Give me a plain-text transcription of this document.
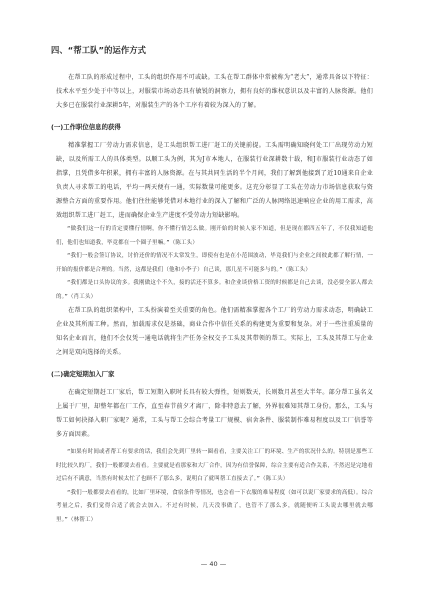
四、“帮工队”的运作方式

在帮工队的形成过程中，工头的组织作用不可或缺。工头在帮工群体中常被称为“老大”，通常具备以下特征：技术水平至少处于中等以上，对服装市场动态具有敏锐的洞察力，拥有良好的维权意识以及丰富的人脉资源。他们大多已在服装行业深耕5年，对服装生产的各个工序有着较为深入的了解。

(一)工作职位信息的获得

精准掌握工厂劳动力需求信息，是工头组织帮工进厂赶工的关键前提。工头需明确知晓何处工厂出现劳动力短缺，以及所需工人的具体类型。以顺工头为例，其为J市本地人，在服装行业深耕数十载，和J市服装行业动态了如指掌，且凭借多年积累，拥有丰富的人脉资源。在与其共同生活的半个月间，我们了解到他接到了近10通来自企业负责人寻求帮工的电话，平均一两天便有一通，实际数量可能更多。这充分彰显了工头在劳动力市场信息获取与资源整合方面的重要作用。他们往往能够凭借对本地行业的深入了解和广泛的人脉网络迅速响应企业的用工需求，高效组织帮工进厂赶工，进而确保企业生产进度不受劳动力短缺影响。

“做我们这一行的肯定要懂行情啊，你不懂行情怎么做。刚开始的时候人家不知道，但是现在都四五年了，不仅我知道他们，他们也知道我，毕竟都在一个圈子里嘛。”（陈工头）

“我们一般会签订协议，讨价还价的情况不太常发生，即使有也是在小范围波动，毕竟我们与企业之间彼此都了解行情，一开始的报价都是合理的。当然，这都是我们（他和小李子）自己谈，那几星不可能多与的。”（陈工头）

“我们都是口头协议的多。我刚做这个不久，接的活还不算多。和企业谈价格工资的时候都是自己去谈，没必要全部人都去的。”（肖工头）

在帮工队的组织架构中，工头扮演着至关重要的角色。他们需精准掌握各个工厂的劳动力需求动态，明确缺工企业及其所需工种。然而，加载需求仅是基础，商业合作中信任关系的构建更为重要和复杂。对于一些注重质量的知名企业而言，他们不会仅凭一通电话就将生产任务全权交予工头及其带领的帮工。实际上，工头及其帮工与企业之间是双向选择的关系。

(二)确定短期加入厂家

在确定短期赶工厂家后，帮工短期入职时长具有较大弹性，短则数天，长则数月甚至大半年。部分帮工虽名义上属于厂里，却整年都在厂工作，直至春节前夕才离厂，除非特意去了解，外界很难知其帮工身份。那么，工头与帮工如何抉择入职厂家呢？通常，工头与帮工会综合考量工厂规模、宿舍条件、服装制作难易程度以及工厂信誉等多方面因素。

“如果有时间或者帮工有要求的话，我们会先到厂里转一圈看看，主要关注工厂的环境、生产的状况什么的。特别是那些工时比较久的厂，我们一般都要去看看。主要就是看那家和大厂合作，因为有信誉保障，综合主要有适合作关系，不然迟是完地看过后有不满意，当然有时候太忙了也顾不了那么多，说明白了就叫帮工直接去了。”（陈工头）

“我们一般都要去看看的，比如厂里环境，食宿条件等情况，也会看一下衣服的难易程度（如可以说厂家要求的高低）。综合考量之后，我们觉得合适了就会去加入。不过有时候，几天没事做了，也管不了那么多，就随便听工头说去哪里就去哪里。”（林帮工）

— 40 —
